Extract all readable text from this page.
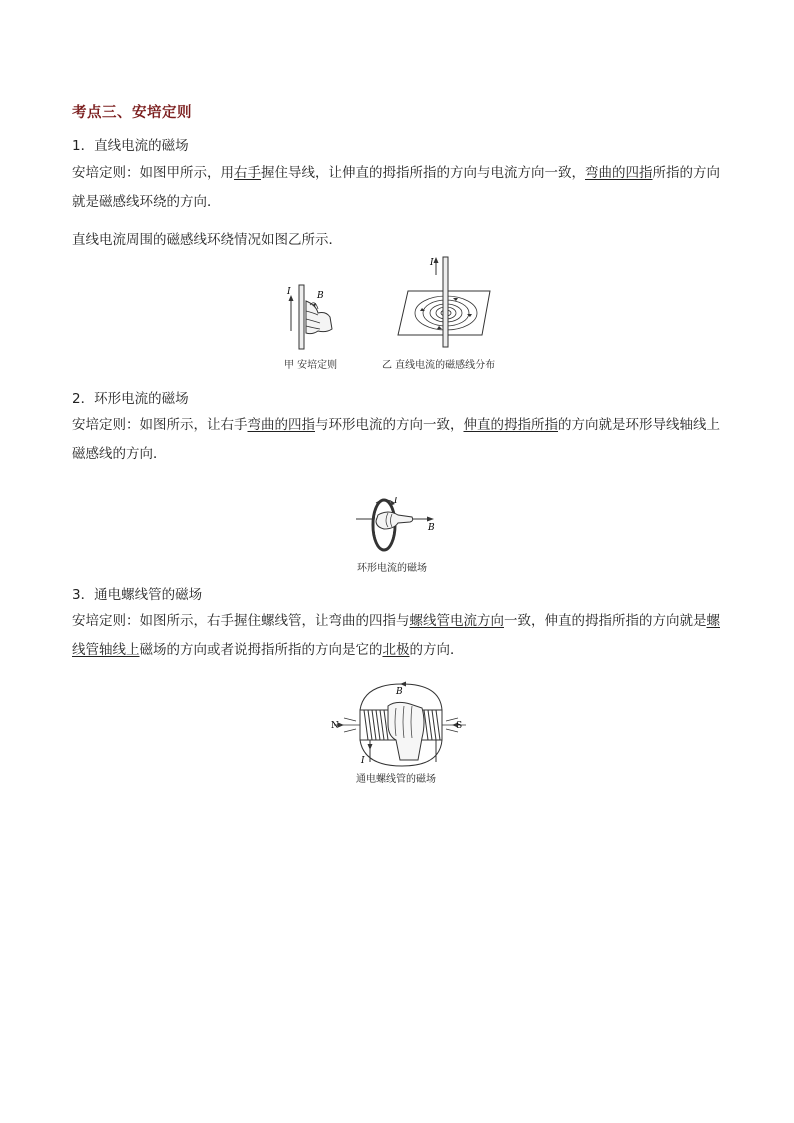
考点三、安培定则
1．直线电流的磁场
安培定则：如图甲所示，用右手握住导线，让伸直的拇指所指的方向与电流方向一致，弯曲的四指所指的方向就是磁感线环绕的方向．
直线电流周围的磁感线环绕情况如图乙所示．
I	B
甲 安培定则
I
乙 直线电流的磁感线分布
2．环形电流的磁场
安培定则：如图所示，让右手弯曲的四指与环形电流的方向一致，伸直的拇指所指的方向就是环形导线轴线上磁感线的方向．
B
I
环形电流的磁场
3．通电螺线管的磁场
安培定则：如图所示，右手握住螺线管，让弯曲的四指与螺线管电流方向一致，伸直的拇指所指的方向就是螺线管轴线上磁场的方向或者说拇指所指的方向是它的北极的方向．
B
I
N	S
通电螺线管的磁场
